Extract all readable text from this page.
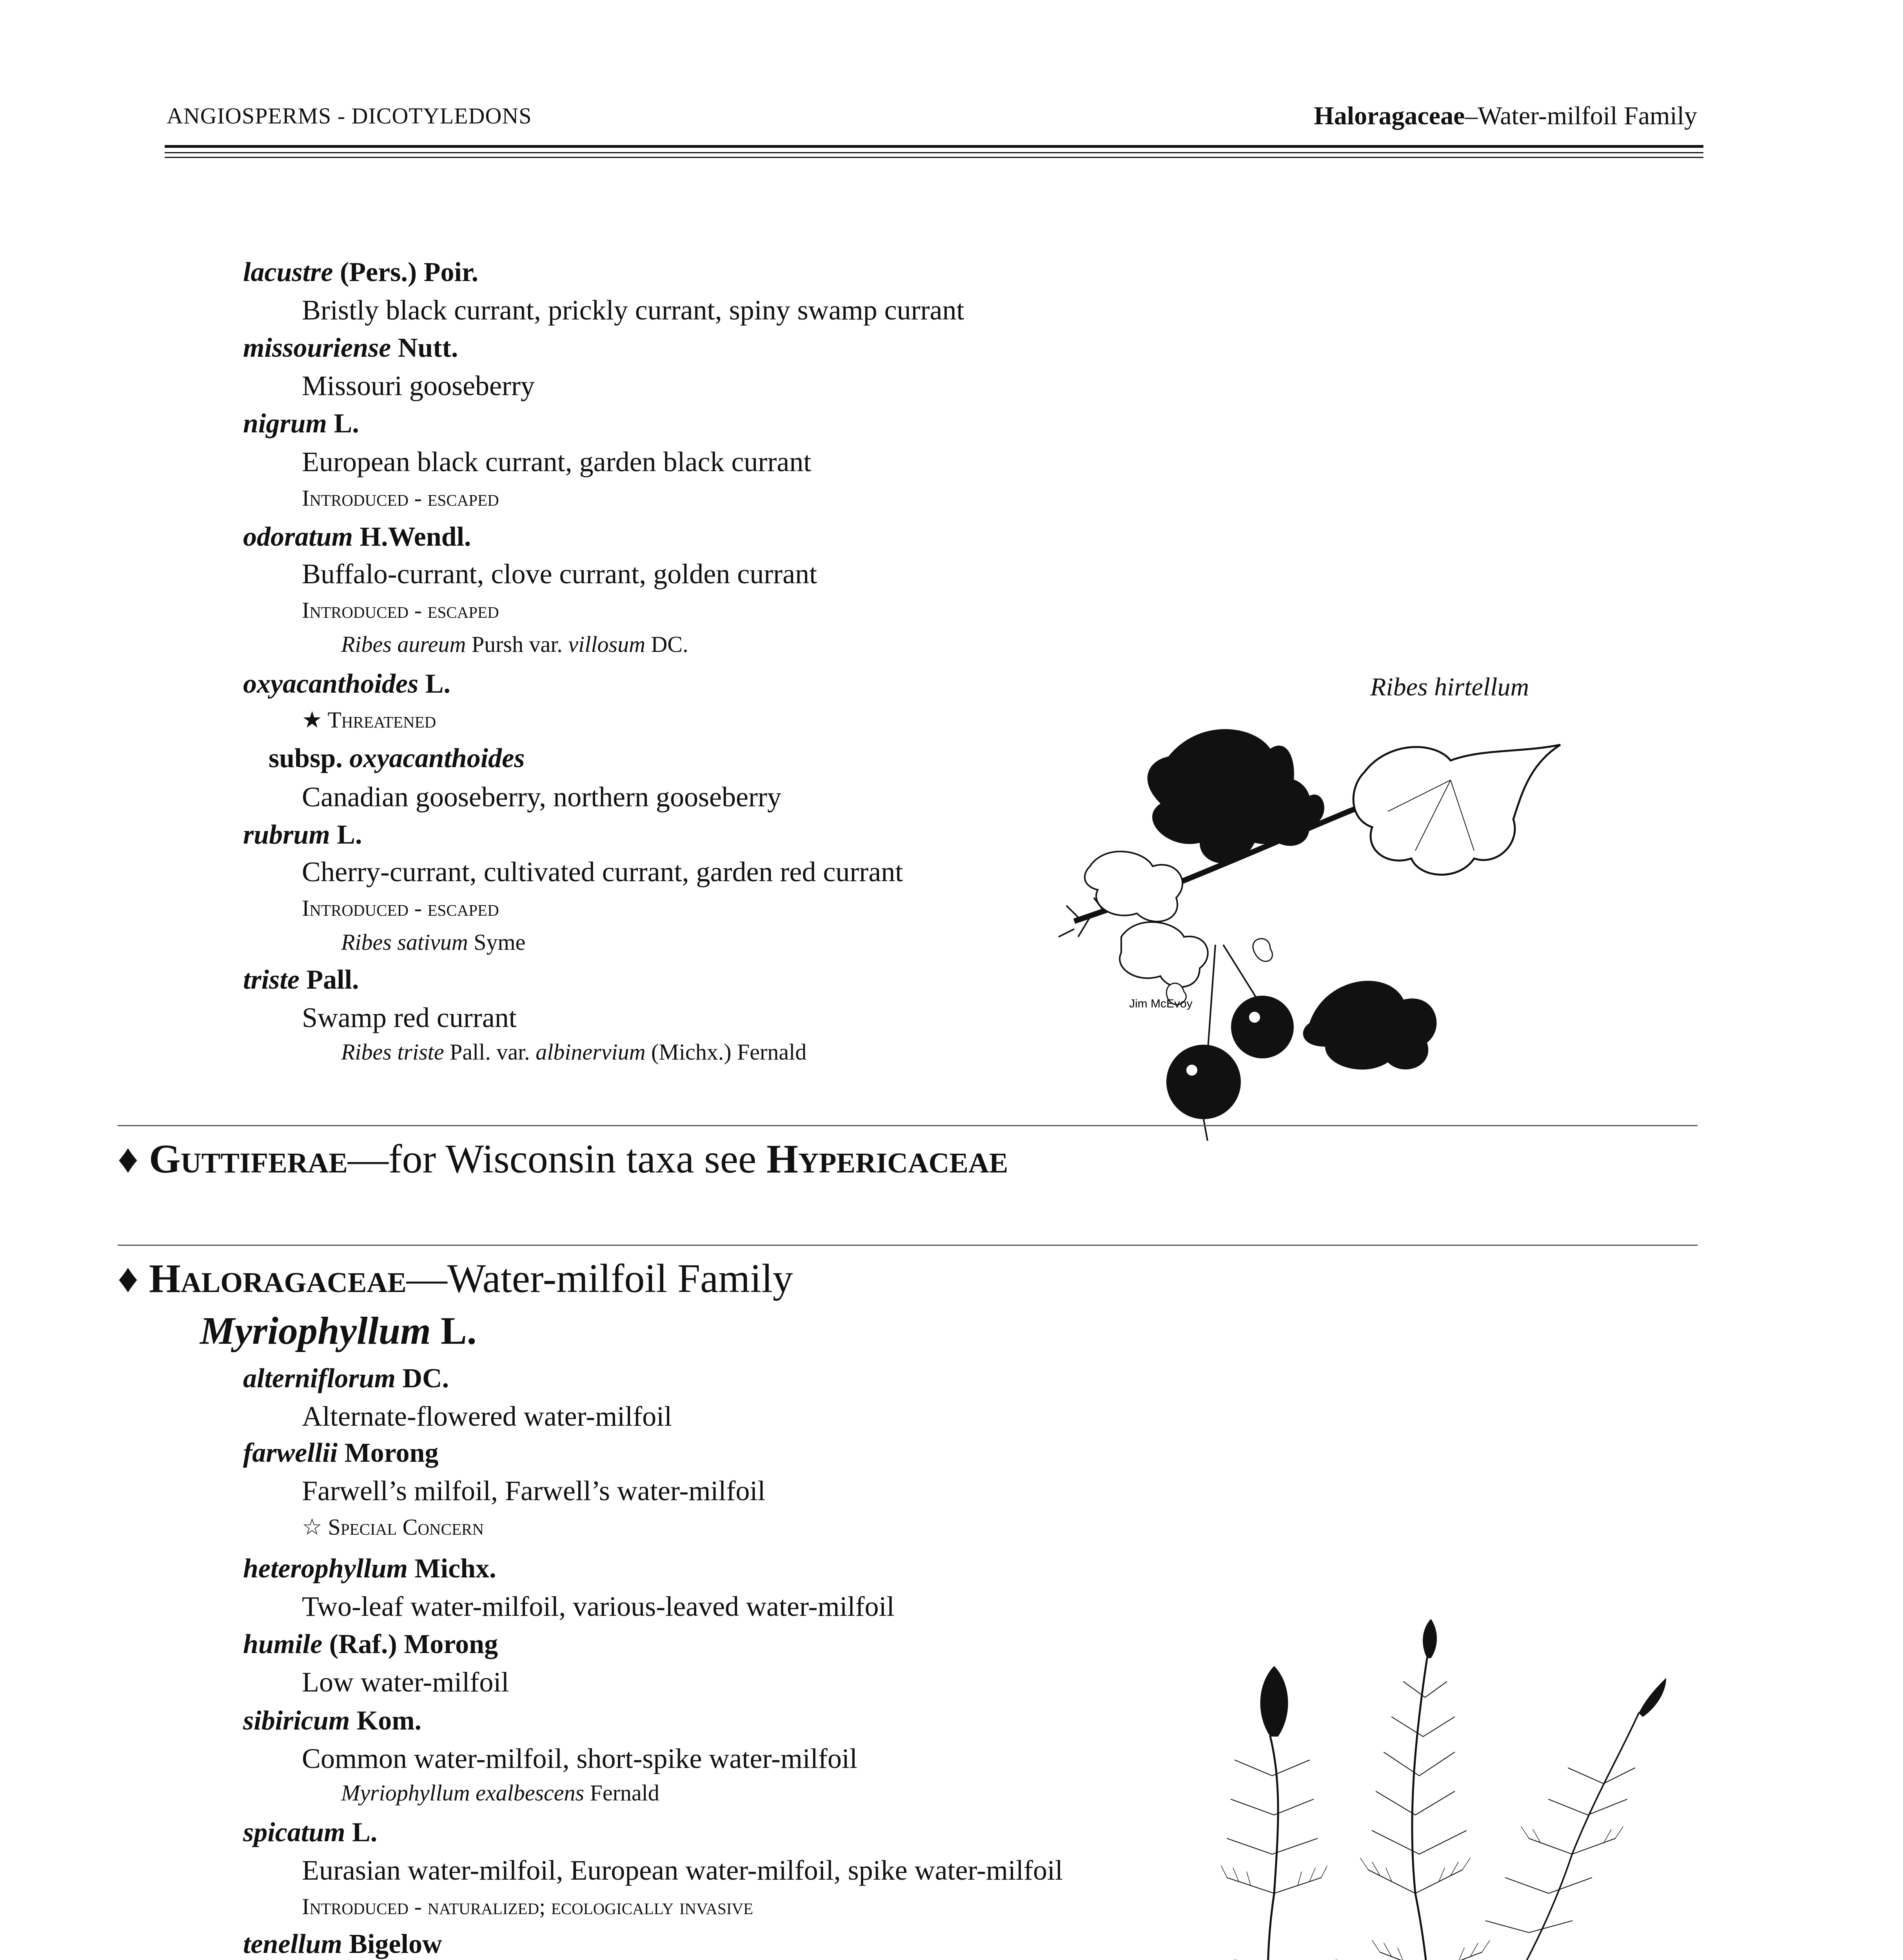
ANGIOSPERMS - DICOTYLEDONS	Haloragaceae–Water-milfoil Family
lacustre (Pers.) Poir.
Bristly black currant, prickly currant, spiny swamp currant
missouriense Nutt.
Missouri gooseberry
nigrum L.
European black currant, garden black currant
Introduced - escaped
odoratum H.Wendl.
Buffalo-currant, clove currant, golden currant
Introduced - escaped
Ribes aureum Pursh var. villosum DC.
oxyacanthoides L.
★ Threatened
subsp. oxyacanthoides
Canadian gooseberry, northern gooseberry
rubrum L.
Cherry-currant, cultivated currant, garden red currant
Introduced - escaped
Ribes sativum Syme
triste Pall.
Swamp red currant
Ribes triste Pall. var. albinervium (Michx.) Fernald
Ribes hirtellum
Jim McEvoy
♦ Guttiferae—for Wisconsin taxa see Hypericaceae
♦ Haloragaceae—Water-milfoil Family
Myriophyllum L.
alterniflorum DC.
Alternate-flowered water-milfoil
farwellii Morong
Farwell’s milfoil, Farwell’s water-milfoil
☆ Special Concern
heterophyllum Michx.
Two-leaf water-milfoil, various-leaved water-milfoil
humile (Raf.) Morong
Low water-milfoil
sibiricum Kom.
Common water-milfoil, short-spike water-milfoil
Myriophyllum exalbescens Fernald
spicatum L.
Eurasian water-milfoil, European water-milfoil, spike water-milfoil
Introduced - naturalized; ecologically invasive
tenellum Bigelow
